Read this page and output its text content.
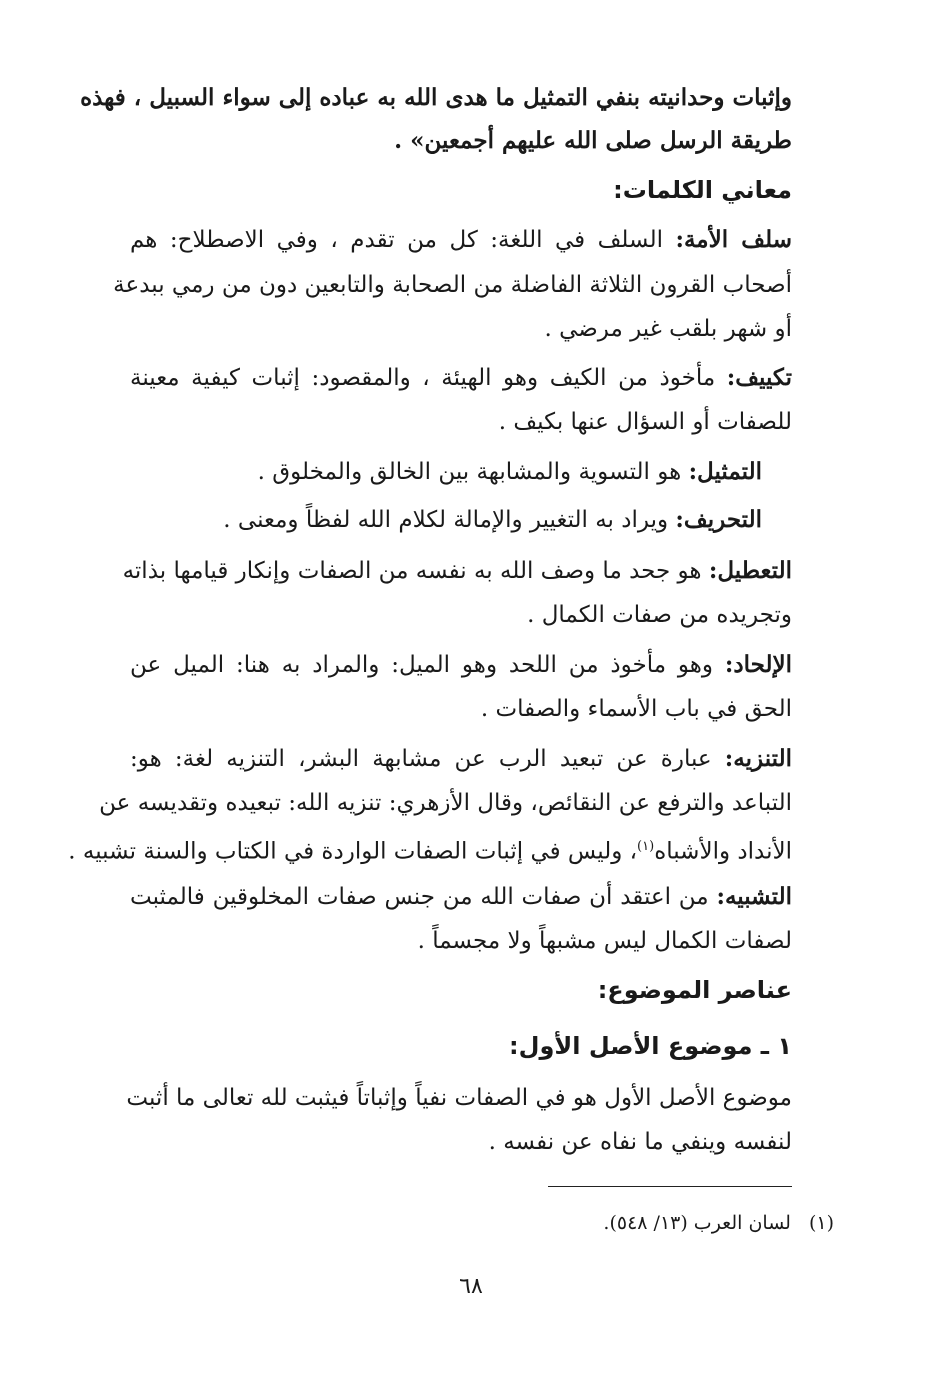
وإثبات وحدانيته بنفي التمثيل ما هدى الله به عباده إلى سواء السبيل ، فهذه
طريقة الرسل صلى الله عليهم أجمعين» .
معاني الكلمات:
سلف الأمة: السلف في اللغة: كل من تقدم ، وفي الاصطلاح: هم
أصحاب القرون الثلاثة الفاضلة من الصحابة والتابعين دون من رمي ببدعة
أو شهر بلقب غير مرضي .
تكييف: مأخوذ من الكيف وهو الهيئة ، والمقصود: إثبات كيفية معينة
للصفات أو السؤال عنها بكيف .
التمثيل: هو التسوية والمشابهة بين الخالق والمخلوق .
التحريف: ويراد به التغيير والإمالة لكلام الله لفظاً ومعنى .
التعطيل: هو جحد ما وصف الله به نفسه من الصفات وإنكار قيامها بذاته
وتجريده من صفات الكمال .
الإلحاد: وهو مأخوذ من اللحد وهو الميل: والمراد به هنا: الميل عن
الحق في باب الأسماء والصفات .
التنزيه: عبارة عن تبعيد الرب عن مشابهة البشر، التنزيه لغة: هو:
التباعد والترفع عن النقائص، وقال الأزهري: تنزيه الله: تبعيده وتقديسه عن
الأنداد والأشباه$^{(١)}$، وليس في إثبات الصفات الواردة في الكتاب والسنة تشبيه .
التشبيه: من اعتقد أن صفات الله من جنس صفات المخلوقين فالمثبت
لصفات الكمال ليس مشبهاً ولا مجسماً .
عناصر الموضوع:
١ ـ موضوع الأصل الأول:
موضوع الأصل الأول هو في الصفات نفياً وإثباتاً فيثبت لله تعالى ما أثبت
لنفسه وينفي ما نفاه عن نفسه .
(١)لسان العرب (١٣/ ٥٤٨).
٦٨
